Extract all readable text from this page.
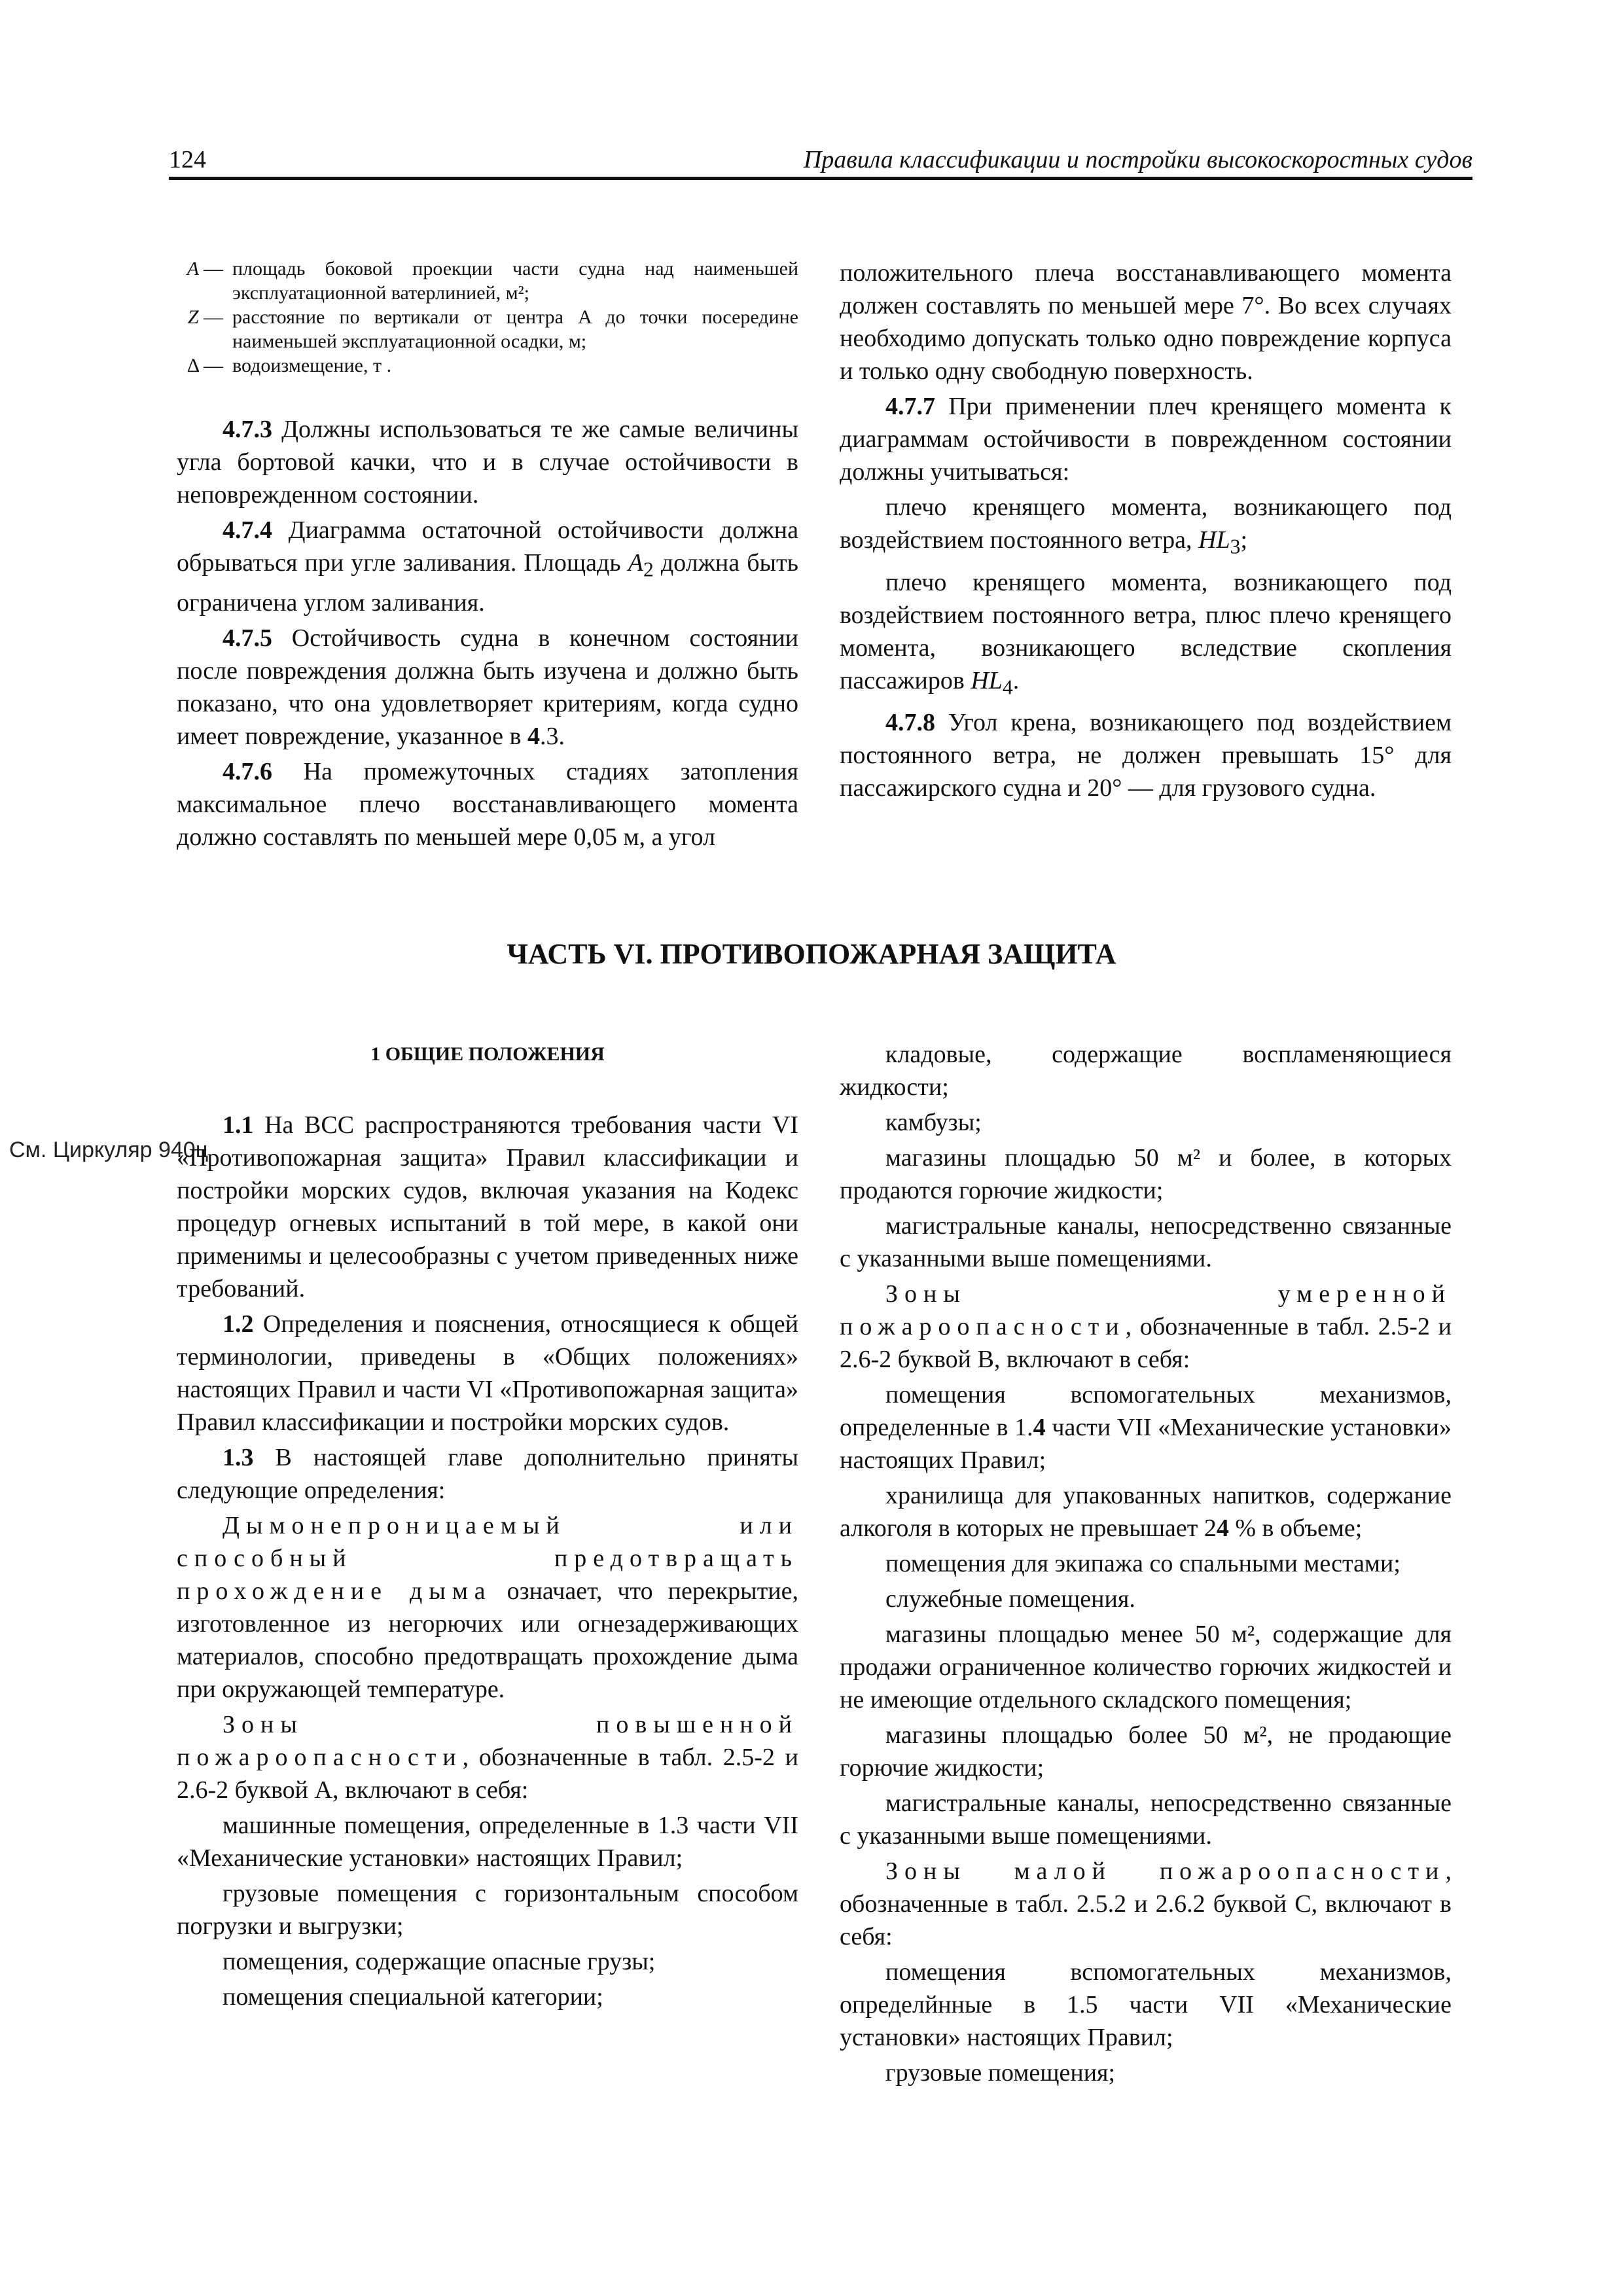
124	Правила классификации и постройки высокоскоростных судов
A — площадь боковой проекции части судна над наименьшей эксплуатационной ватерлинией, м²;
Z — расстояние по вертикали от центра A до точки посередине наименьшей эксплуатационной осадки, м;
Δ — водоизмещение, т .

4.7.3 Должны использоваться те же самые величины угла бортовой качки, что и в случае остойчивости в неповрежденном состоянии.

4.7.4 Диаграмма остаточной остойчивости должна обрываться при угле заливания. Площадь $A_2$ должна быть ограничена углом заливания.

4.7.5 Остойчивость судна в конечном состоянии после повреждения должна быть изучена и должно быть показано, что она удовлетворяет критериям, когда судно имеет повреждение, указанное в 4.3.

4.7.6 На промежуточных стадиях затопления максимальное плечо восстанавливающего момента должно составлять по меньшей мере 0,05 м, а угол

положительного плеча восстанавливающего момента должен составлять по меньшей мере 7°. Во всех случаях необходимо допускать только одно повреждение корпуса и только одну свободную поверхность.

4.7.7 При применении плеч кренящего момента к диаграммам остойчивости в поврежденном состоянии должны учитываться:

плечо кренящего момента, возникающего под воздействием постоянного ветра, $HL_3$;

плечо кренящего момента, возникающего под воздействием постоянного ветра, плюс плечо кренящего момента, возникающего вследствие скопления пассажиров $HL_4$.

4.7.8 Угол крена, возникающего под воздействием постоянного ветра, не должен превышать 15° для пассажирского судна и 20° — для грузового судна.

ЧАСТЬ VI. ПРОТИВОПОЖАРНАЯ ЗАЩИТА
См. Циркуляр 940ц

1 ОБЩИЕ ПОЛОЖЕНИЯ

1.1 На ВСС распространяются требования части VI «Противопожарная защита» Правил классификации и постройки морских судов, включая указания на Кодекс процедур огневых испытаний в той мере, в какой они применимы и целесообразны с учетом приведенных ниже требований.

1.2 Определения и пояснения, относящиеся к общей терминологии, приведены в «Общих положениях» настоящих Правил и части VI «Противопожарная защита» Правил классификации и постройки морских судов.

1.3 В настоящей главе дополнительно приняты следующие определения:

Дымонепроницаемый или способный предотвращать прохождение дыма означает, что перекрытие, изготовленное из негорючих или огнезадерживающих материалов, способно предотвращать прохождение дыма при окружающей температуре.

Зоны повышенной пожароопасности, обозначенные в табл. 2.5-2 и 2.6-2 буквой A, включают в себя:

машинные помещения, определенные в 1.3 части VII «Механические установки» настоящих Правил;

грузовые помещения с горизонтальным способом погрузки и выгрузки;

помещения, содержащие опасные грузы;

помещения специальной категории;

кладовые, содержащие воспламеняющиеся жидкости;

камбузы;

магазины площадью 50 м² и более, в которых продаются горючие жидкости;

магистральные каналы, непосредственно связанные с указанными выше помещениями.

Зоны умеренной пожароопасности, обозначенные в табл. 2.5-2 и 2.6-2 буквой B, включают в себя:

помещения вспомогательных механизмов, определенные в 1.4 части VII «Механические установки» настоящих Правил;

хранилища для упакованных напитков, содержание алкоголя в которых не превышает 24 % в объеме;

помещения для экипажа со спальными местами;

служебные помещения.

магазины площадью менее 50 м², содержащие для продажи ограниченное количество горючих жидкостей и не имеющие отдельного складского помещения;

магазины площадью более 50 м², не продающие горючие жидкости;

магистральные каналы, непосредственно связанные с указанными выше помещениями.

Зоны малой пожароопасности, обозначенные в табл. 2.5.2 и 2.6.2 буквой C, включают в себя:

помещения вспомогательных механизмов, определйнные в 1.5 части VII «Механические установки» настоящих Правил;

грузовые помещения;
